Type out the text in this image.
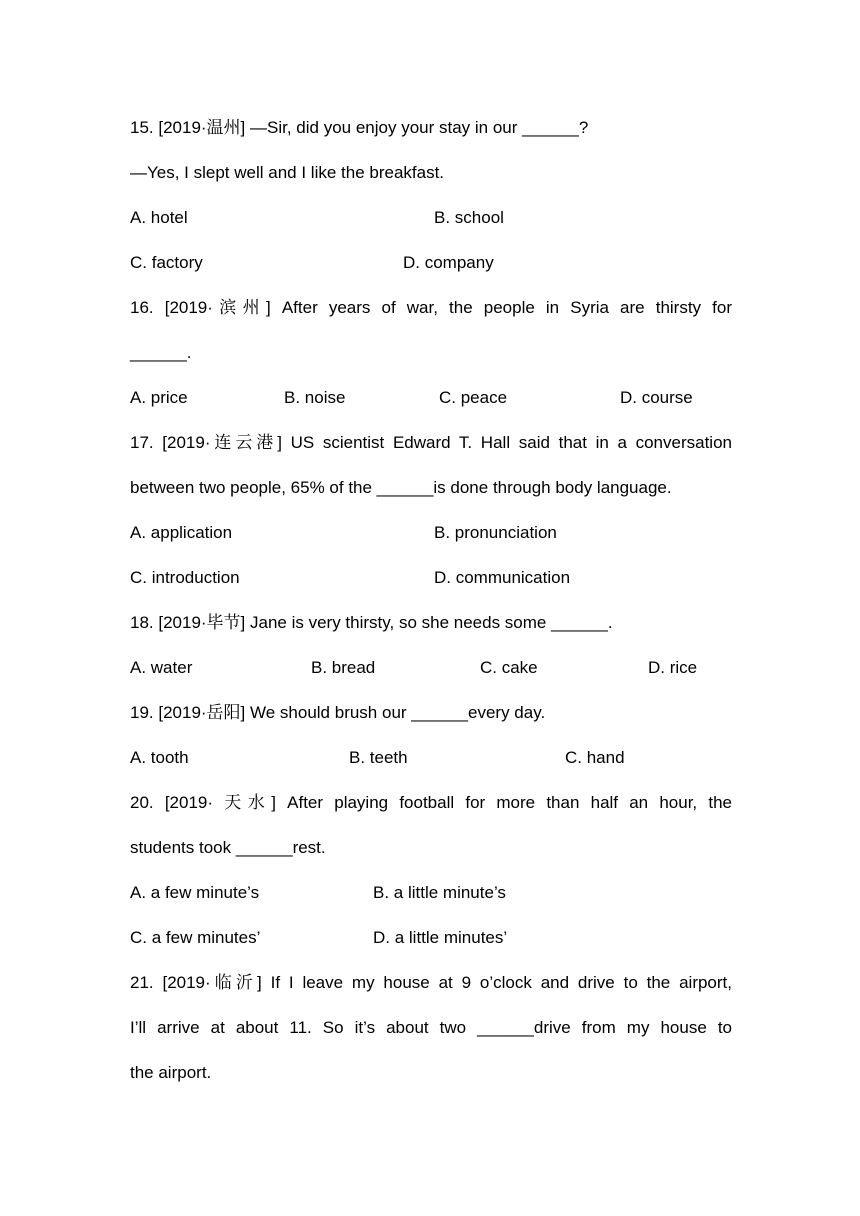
15. [2019·温州] —Sir, did you enjoy your stay in our ______?
—Yes, I slept well and I like the breakfast.
A. hotel	B. school
C. factory	D. company
16. [2019·滨州] After years of war, the people in Syria are thirsty for
______.
A. price	B. noise	C. peace	D. course
17. [2019·连云港] US scientist Edward T. Hall said that in a conversation
between two people, 65% of the ______is done through body language.
A. application	B. pronunciation
C. introduction	D. communication
18. [2019·毕节] Jane is very thirsty, so she needs some ______.
A. water	B. bread	C. cake	D. rice
19. [2019·岳阳] We should brush our ______every day.
A. tooth	B. teeth	C. hand
20. [2019· 天水] After playing football for more than half an hour, the
students took ______rest.
A. a few minute’s	B. a little minute’s
C. a few minutes’	D. a little minutes’
21. [2019·临沂] If I leave my house at 9 o’clock and drive to the airport,
I’ll arrive at about 11. So it’s about two ______drive from my house to
the airport.
